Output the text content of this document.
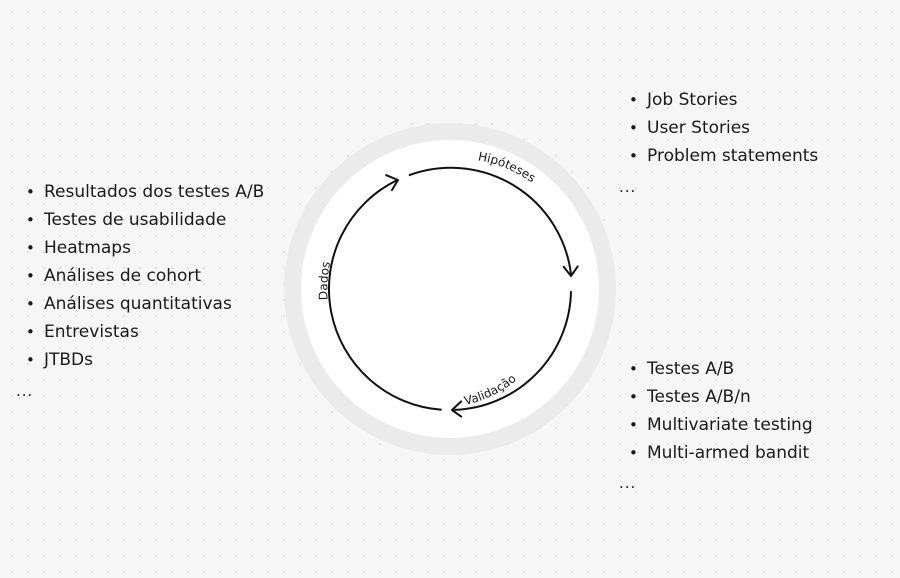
Hipóteses
Validação
Dados
• Resultados dos testes A/B
• Testes de usabilidade
• Heatmaps
• Análises de cohort
• Análises quantitativas
• Entrevistas
• JTBDs
...
• Job Stories
• User Stories
• Problem statements
...
• Testes A/B
• Testes A/B/n
• Multivariate testing
• Multi-armed bandit
...
